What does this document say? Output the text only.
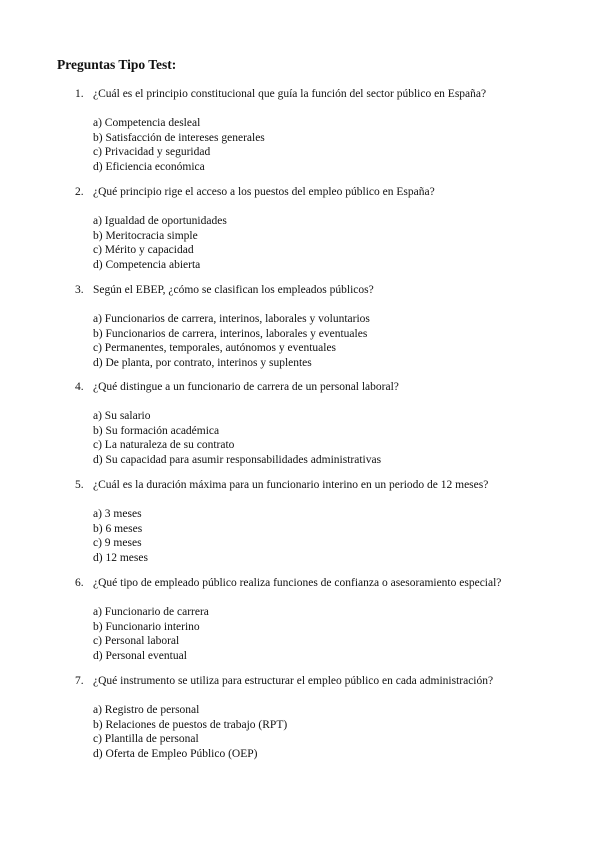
Preguntas Tipo Test:
1. ¿Cuál es el principio constitucional que guía la función del sector público en España?
a) Competencia desleal
b) Satisfacción de intereses generales
c) Privacidad y seguridad
d) Eficiencia económica
2. ¿Qué principio rige el acceso a los puestos del empleo público en España?
a) Igualdad de oportunidades
b) Meritocracia simple
c) Mérito y capacidad
d) Competencia abierta
3. Según el EBEP, ¿cómo se clasifican los empleados públicos?
a) Funcionarios de carrera, interinos, laborales y voluntarios
b) Funcionarios de carrera, interinos, laborales y eventuales
c) Permanentes, temporales, autónomos y eventuales
d) De planta, por contrato, interinos y suplentes
4. ¿Qué distingue a un funcionario de carrera de un personal laboral?
a) Su salario
b) Su formación académica
c) La naturaleza de su contrato
d) Su capacidad para asumir responsabilidades administrativas
5. ¿Cuál es la duración máxima para un funcionario interino en un periodo de 12 meses?
a) 3 meses
b) 6 meses
c) 9 meses
d) 12 meses
6. ¿Qué tipo de empleado público realiza funciones de confianza o asesoramiento especial?
a) Funcionario de carrera
b) Funcionario interino
c) Personal laboral
d) Personal eventual
7. ¿Qué instrumento se utiliza para estructurar el empleo público en cada administración?
a) Registro de personal
b) Relaciones de puestos de trabajo (RPT)
c) Plantilla de personal
d) Oferta de Empleo Público (OEP)
